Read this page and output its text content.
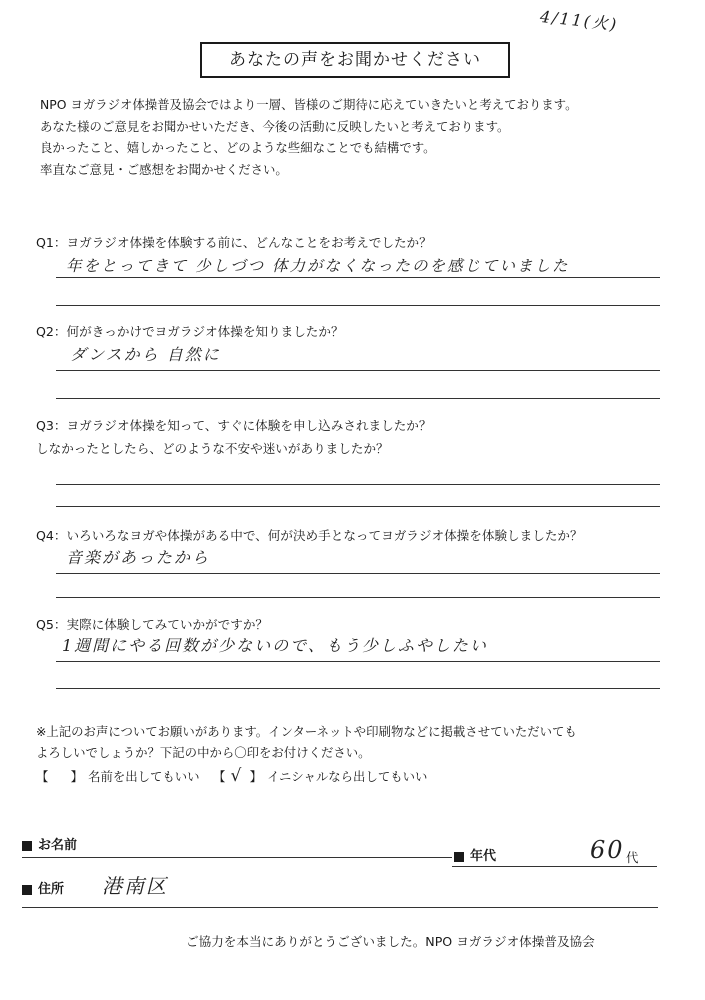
4/11(火)
あなたの声をお聞かせください
NPO ヨガラジオ体操普及協会ではより一層、皆様のご期待に応えていきたいと考えております。
あなた様のご意見をお聞かせいただき、今後の活動に反映したいと考えております。
良かったこと、嬉しかったこと、どのような些細なことでも結構です。
率直なご意見・ご感想をお聞かせください。
Q1：ヨガラジオ体操を体験する前に、どんなことをお考えでしたか？
年をとってきて 少しづつ 体力がなくなったのを感じていました
Q2：何がきっかけでヨガラジオ体操を知りましたか？
ダンスから 自然に
Q3：ヨガラジオ体操を知って、すぐに体験を申し込みされましたか？
しなかったとしたら、どのような不安や迷いがありましたか？
Q4：いろいろなヨガや体操がある中で、何が決め手となってヨガラジオ体操を体験しましたか？
音楽があったから
Q5：実際に体験してみていかがですか？
1週間にやる回数が少ないので、もう少しふやしたい
※上記のお声についてお願いがあります。インターネットや印刷物などに掲載させていただいても
よろしいでしょうか？下記の中から〇印をお付けください。
【 】 名前を出してもいい 【 √ 】 イニシャルなら出してもいい
お名前
年代	60 代
住所 港南区
ご協力を本当にありがとうございました。NPO ヨガラジオ体操普及協会
